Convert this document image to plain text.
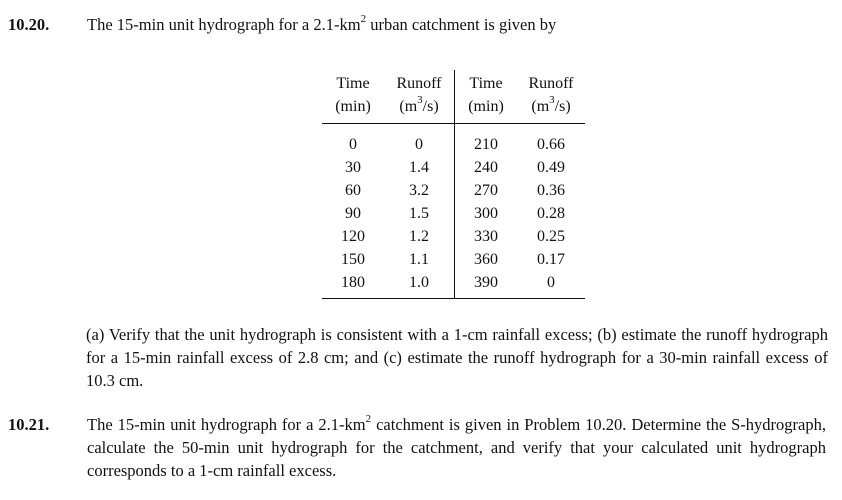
10.20. The 15-min unit hydrograph for a $2.1-km^2$ urban catchment is given by
Time	Runoff	Time	Runoff
(min)	$(m^3/s)$	(min)	$(m^3/s)$
0	0	210	0.66
30	1.4	240	0.49
60	3.2	270	0.36
90	1.5	300	0.28
120	1.2	330	0.25
150	1.1	360	0.17
180	1.0	390	0
(a) Verify that the unit hydrograph is consistent with a 1-cm rainfall excess; (b) estimate the runoff hydrograph for a 15-min rainfall excess of 2.8 cm; and (c) estimate the runoff hydrograph for a 30-min rainfall excess of 10.3 cm.
10.21. The 15-min unit hydrograph for a $2.1-km^2$ catchment is given in Problem 10.20. Determine the S-hydrograph, calculate the 50-min unit hydrograph for the catchment, and verify that your calculated unit hydrograph corresponds to a 1-cm rainfall excess.
